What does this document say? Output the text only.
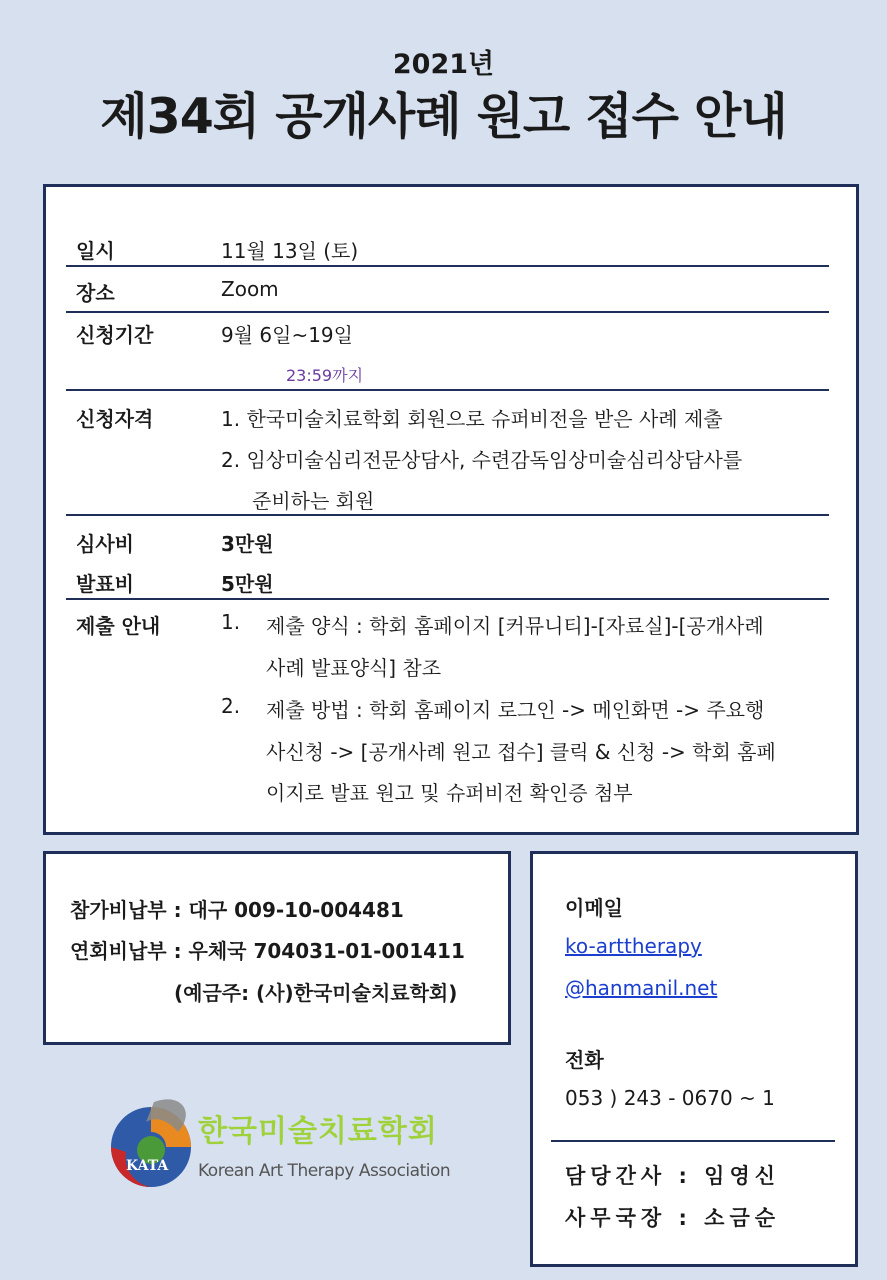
2021년
제34회 공개사례 원고 접수 안내
일시	11월 13일 (토)
장소	Zoom
신청기간	9월 6일~19일
23:59까지
신청자격	1. 한국미술치료학회 회원으로 슈퍼비전을 받은 사례 제출
2. 임상미술심리전문상담사, 수련감독임상미술심리상담사를
준비하는 회원
심사비	3만원
발표비	5만원
제출 안내	1. 제출 양식 : 학회 홈페이지 [커뮤니티]-[자료실]-[공개사례
사례 발표양식] 참조
2. 제출 방법 : 학회 홈페이지 로그인 -> 메인화면 -> 주요행
사신청 -> [공개사례 원고 접수] 클릭 & 신청 -> 학회 홈페
이지로 발표 원고 및 슈퍼비전 확인증 첨부
참가비납부 : 대구 009-10-004481
연회비납부 : 우체국 704031-01-001411
(예금주: (사)한국미술치료학회)
이메일
ko-arttherapy
@hanmanil.net
전화
053 ) 243 - 0670 ~ 1
담당간사 : 임영신
사무국장 : 소금순
KATA
한국미술치료학회
Korean Art Therapy Association
